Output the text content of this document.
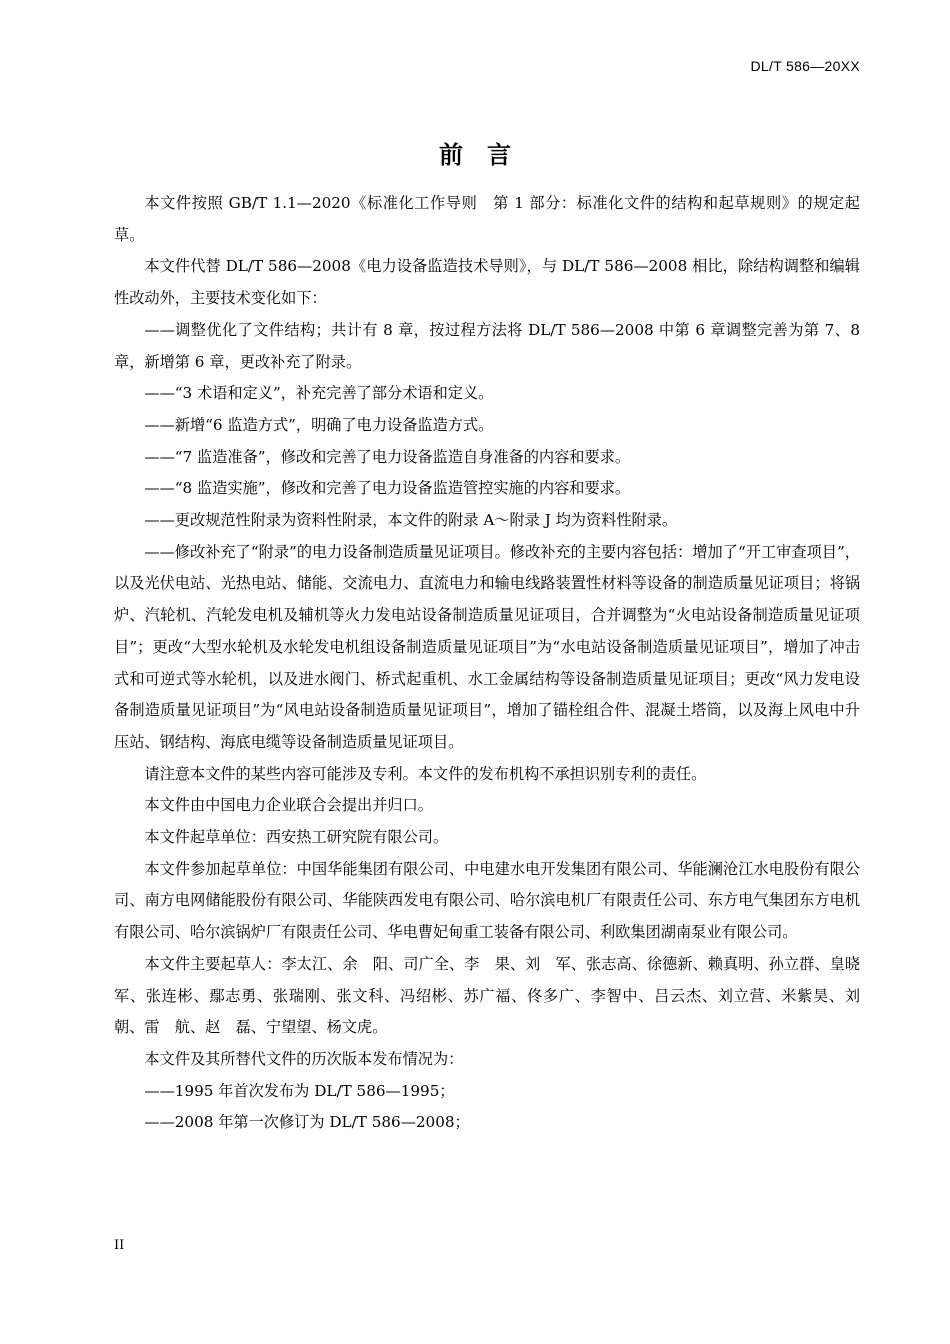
DL/T 586—20XX
前言

本文件按照 GB/T 1.1—2020《标准化工作导则　第 1 部分：标准化文件的结构和起草规则》的规定起草。

本文件代替 DL/T 586—2008《电力设备监造技术导则》，与 DL/T 586—2008 相比，除结构调整和编辑性改动外，主要技术变化如下：

——调整优化了文件结构；共计有 8 章，按过程方法将 DL/T 586—2008 中第 6 章调整完善为第 7、8 章，新增第 6 章，更改补充了附录。

——“3 术语和定义”，补充完善了部分术语和定义。

——新增“6 监造方式”，明确了电力设备监造方式。

——“7 监造准备”，修改和完善了电力设备监造自身准备的内容和要求。

——“8 监造实施”，修改和完善了电力设备监造管控实施的内容和要求。

——更改规范性附录为资料性附录，本文件的附录 A～附录 J 均为资料性附录。

——修改补充了“附录”的电力设备制造质量见证项目。修改补充的主要内容包括：增加了“开工审查项目”，以及光伏电站、光热电站、储能、交流电力、直流电力和输电线路装置性材料等设备的制造质量见证项目；将锅炉、汽轮机、汽轮发电机及辅机等火力发电站设备制造质量见证项目，合并调整为“火电站设备制造质量见证项目”；更改“大型水轮机及水轮发电机组设备制造质量见证项目”为“水电站设备制造质量见证项目”，增加了冲击式和可逆式等水轮机，以及进水阀门、桥式起重机、水工金属结构等设备制造质量见证项目；更改“风力发电设备制造质量见证项目”为“风电站设备制造质量见证项目”，增加了锚栓组合件、混凝土塔筒，以及海上风电中升压站、钢结构、海底电缆等设备制造质量见证项目。

请注意本文件的某些内容可能涉及专利。本文件的发布机构不承担识别专利的责任。

本文件由中国电力企业联合会提出并归口。

本文件起草单位：西安热工研究院有限公司。

本文件参加起草单位：中国华能集团有限公司、中电建水电开发集团有限公司、华能澜沧江水电股份有限公司、南方电网储能股份有限公司、华能陕西发电有限公司、哈尔滨电机厂有限责任公司、东方电气集团东方电机有限公司、哈尔滨锅炉厂有限责任公司、华电曹妃甸重工装备有限公司、利欧集团湖南泵业有限公司。

本文件主要起草人：李太江、余　阳、司广全、李　果、刘　军、张志高、徐德新、赖真明、孙立群、皇晓军、张连彬、鄢志勇、张瑞刚、张文科、冯绍彬、苏广福、佟多广、李智中、吕云杰、刘立营、米紫昊、刘　朝、雷　航、赵　磊、宁望望、杨文虎。

本文件及其所替代文件的历次版本发布情况为：

——1995 年首次发布为 DL/T 586—1995；

——2008 年第一次修订为 DL/T 586—2008；

II
